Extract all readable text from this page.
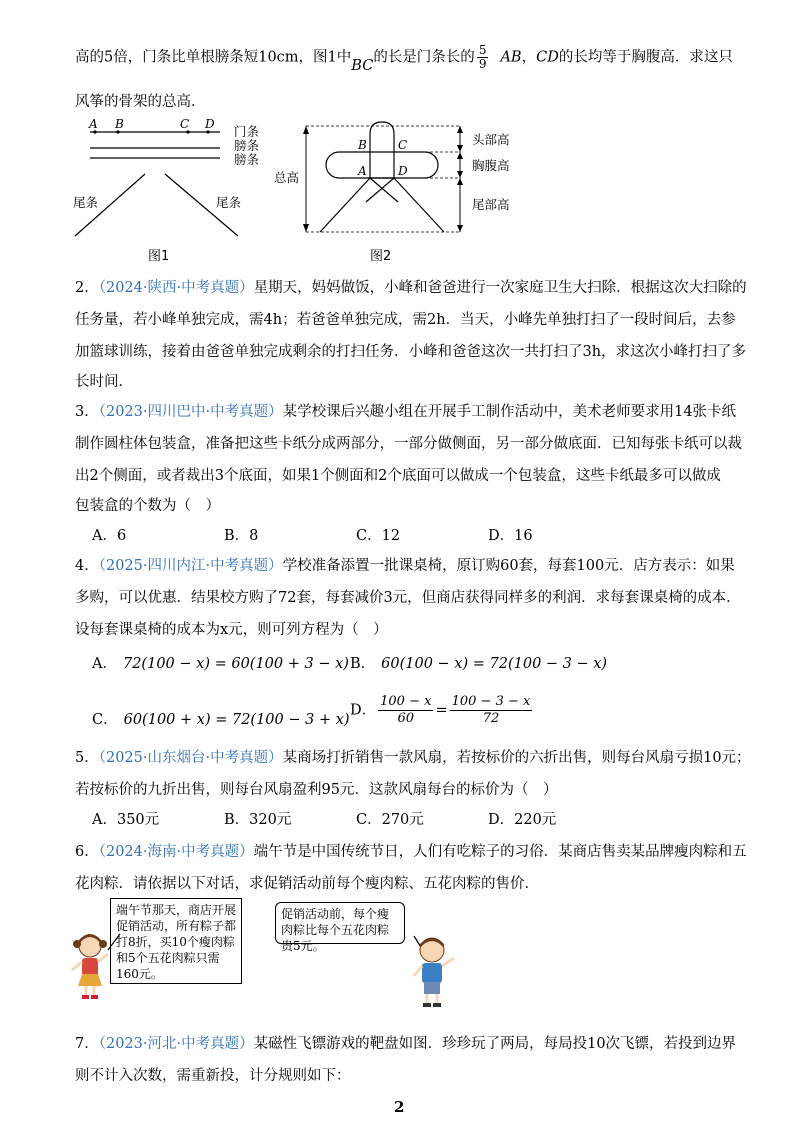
高的5倍，门条比单根膀条短10cm，图1中BC的长是门条长的 $\frac{5}{9}$ AB，CD的长均等于胸腹高．求这只
风筝的骨架的总高．
A B	C D 门条
膀条
膀条
尾条	尾条
图1
总高
B	C
A	D
头部高
胸腹高
尾部高
图2
2．（2024·陕西·中考真题）星期天，妈妈做饭，小峰和爸爸进行一次家庭卫生大扫除．根据这次大扫除的
任务量，若小峰单独完成，需4h；若爸爸单独完成，需2h．当天，小峰先单独打扫了一段时间后，去参
加篮球训练，接着由爸爸单独完成剩余的打扫任务．小峰和爸爸这次一共打扫了3h，求这次小峰打扫了多
长时间．
3．（2023·四川巴中·中考真题）某学校课后兴趣小组在开展手工制作活动中，美术老师要求用14张卡纸
制作圆柱体包装盒，准备把这些卡纸分成两部分，一部分做侧面，另一部分做底面．已知每张卡纸可以裁
出2个侧面，或者裁出3个底面，如果1个侧面和2个底面可以做成一个包装盒，这些卡纸最多可以做成
包装盒的个数为（　）
A．6	B．8	C．12	D．16
4．（2025·四川内江·中考真题）学校准备添置一批课桌椅，原订购60套，每套100元．店方表示：如果
多购，可以优惠．结果校方购了72套，每套减价3元，但商店获得同样多的利润．求每套课桌椅的成本．
设每套课桌椅的成本为x元，则可列方程为（　）
A． 72(100 − x) = 60(100 + 3 − x) B． 60(100 − x) = 72(100 − 3 − x)
C． 60(100 + x) = 72(100 − 3 + x)
D． $\frac{100 - x}{60} = \frac{100 - 3 - x}{72}$
5．（2025·山东烟台·中考真题）某商场打折销售一款风扇，若按标价的六折出售，则每台风扇亏损10元；
若按标价的九折出售，则每台风扇盈利95元．这款风扇每台的标价为（　）
A．350元	B．320元	C．270元	D．220元
6．（2024·海南·中考真题）端午节是中国传统节日，人们有吃粽子的习俗．某商店售卖某品牌瘦肉粽和五
花肉粽．请依据以下对话，求促销活动前每个瘦肉粽、五花肉粽的售价．
端午节那天，商店开展促销活动，所有粽子都打8折，买10个瘦肉粽和5个五花肉粽只需160元。
促销活动前，每个瘦肉粽比每个五花肉粽贵5元。
7．（2023·河北·中考真题）某磁性飞镖游戏的靶盘如图．珍珍玩了两局，每局投10次飞镖，若投到边界
则不计入次数，需重新投，计分规则如下：
2
